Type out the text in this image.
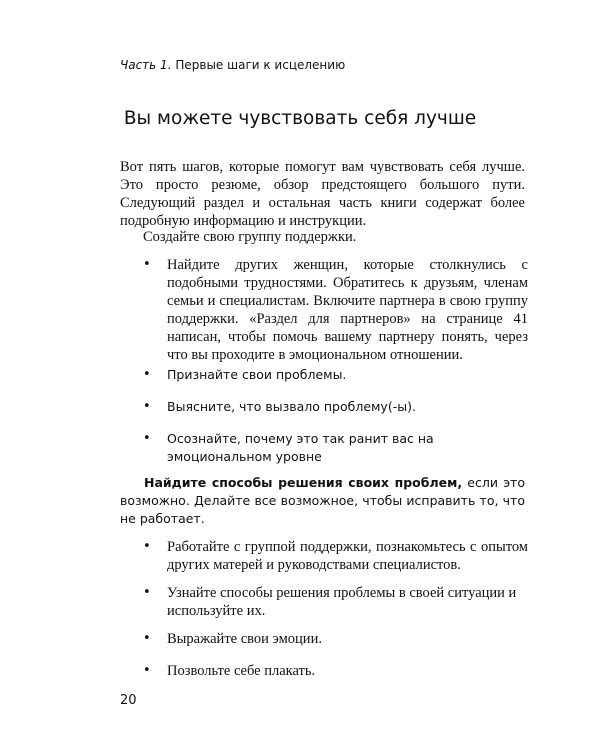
Часть 1. Первые шаги к исцелению
Вы можете чувствовать себя лучше

Вот пять шагов, которые помогут вам чувствовать себя лучше. Это просто резюме, обзор предстоящего большого пути. Следующий раздел и остальная часть книги содержат более подробную информацию и инструкции.

Создайте свою группу поддержки.
•	Найдите других женщин, которые столкнулись с подобными трудностями. Обратитесь к друзьям, членам семьи и специалистам. Включите партнера в свою группу поддержки. «Раздел для партнеров» на странице 41 написан, чтобы помочь вашему партнеру понять, через что вы проходите в эмоциональном отношении.
•	Признайте свои проблемы.
•	Выясните, что вызвало проблему(-ы).
•	Осознайте, почему это так ранит вас на эмоциональном уровне

Найдите способы решения своих проблем, если это возможно. Делайте все возможное, чтобы исправить то, что не работает.

•	Работайте с группой поддержки, познакомьтесь с опытом других матерей и руководствами специалистов.
•	Узнайте способы решения проблемы в своей ситуации и используйте их.
•	Выражайте свои эмоции.
•	Позвольте себе плакать.
20
